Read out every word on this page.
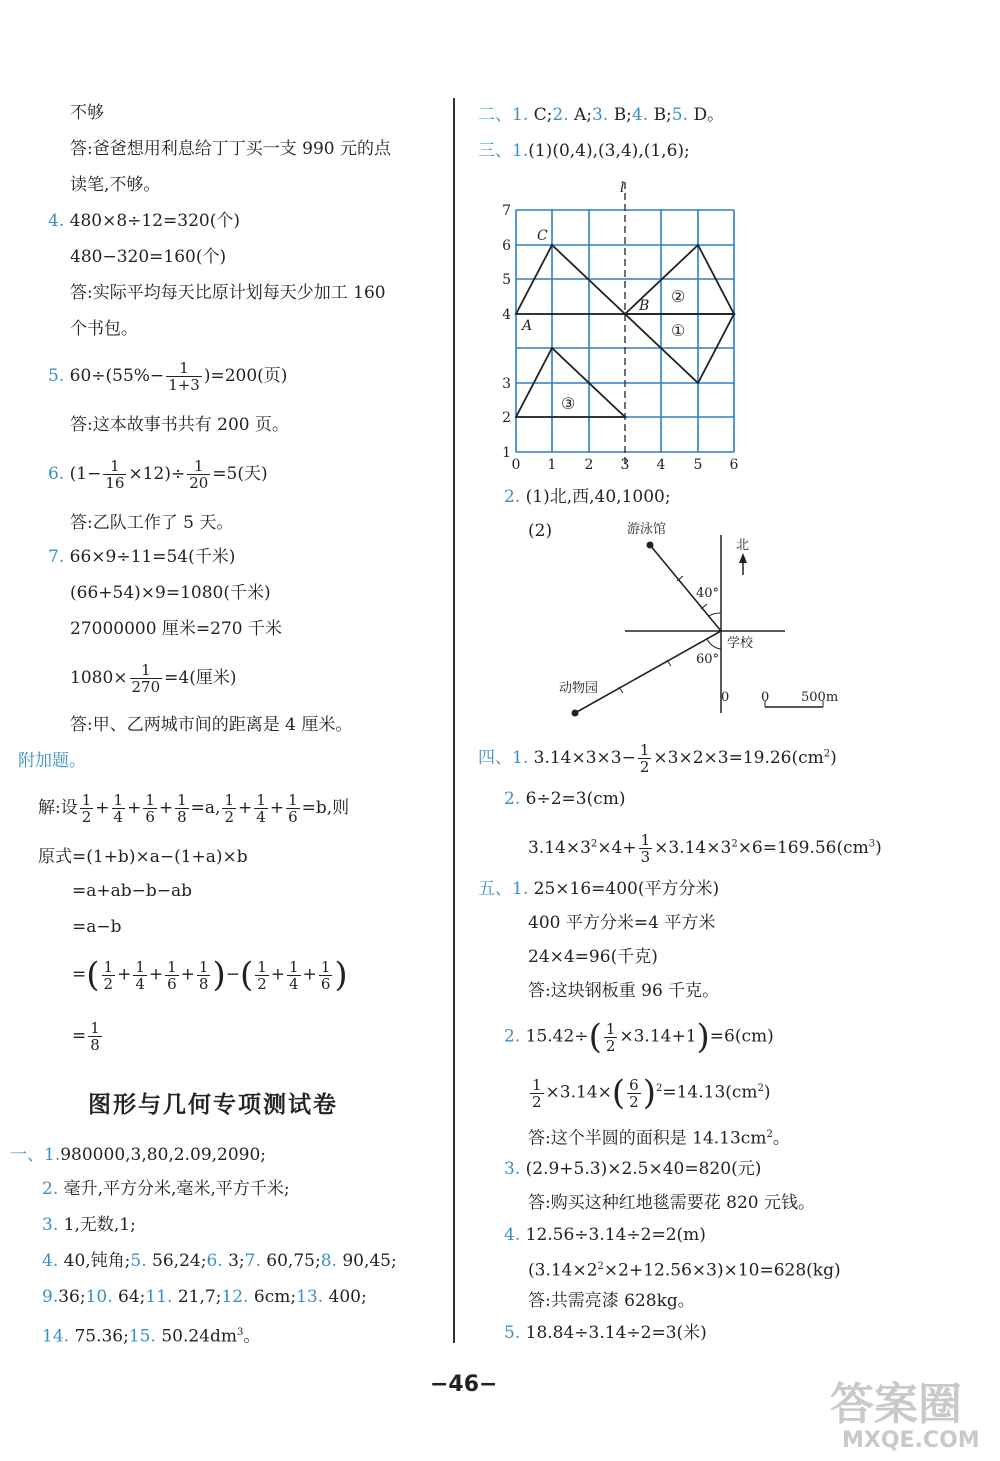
不够
答:爸爸想用利息给丁丁买一支 990 元的点
读笔,不够。
4. 480×8÷12=320(个)
480−320=160(个)
答:实际平均每天比原计划每天少加工 160
个书包。
5. $60\div(55\%- \frac{1}{1+3} )=200$(页)
答:这本故事书共有 200 页。
6. $(1- \frac{1}{16} \times 12)\div \frac{1}{20} =5$(天)
答:乙队工作了 5 天。
7. 66×9÷11=54(千米)
(66+54)×9=1080(千米)
27000000 厘米=270 千米
$1080\times \frac{1}{270} =4$(厘米)
答:甲、乙两城市间的距离是 4 厘米。
附加题。
解:设 $\frac{1}{2} + \frac{1}{4} + \frac{1}{6} + \frac{1}{8} =a$, $\frac{1}{2} + \frac{1}{4} + \frac{1}{6} =b$,则
原式=(1+b)×a−(1+a)×b
=a+ab−b−ab
=a−b
=( $\frac{1}{2} + \frac{1}{4} + \frac{1}{6} + \frac{1}{8}$ )−( $\frac{1}{2} + \frac{1}{4} + \frac{1}{6}$ )
= $\frac{1}{8}$
图形与几何专项测试卷
一、1.980000,3,80,2.09,2090;
2. 毫升,平方分米,毫米,平方千米;
3. 1,无数,1;
4. 40,钝角;5. 56,24;6. 3;7. 60,75;8. 90,45;
9.36;10. 64;11. 21,7;12. 6cm;13. 400;
14. 75.36;15. $50.24dm^3$。
二、1. C;2. A;3. B;4. B;5. D。
三、1.(1)(0,4),(3,4),(1,6);
1
2
3
4
5
6
7
0 1 2 3 4 5 6
l
A
B
C
①
②
③
2. (1)北,西,40,1000;
(2)	游泳馆
北
40°
60°
学校
动物园
0 0 500m
四、1. $3.14\times 3\times 3- \frac{1}{2} \times 3\times 2\times 3=19.26(cm^2)$
2. 6÷2=3(cm)
$3.14\times 3^2\times 4+ \frac{1}{3} \times 3.14\times 3^2\times 6=169.56(cm^3)$
五、1. 25×16=400(平方分米)
400 平方分米=4 平方米
24×4=96(千克)
答:这块钢板重 96 千克。
2. $15.42\div( \frac{1}{2} \times 3.14+1)=6(cm)$
$\frac{1}{2} \times 3.14\times( \frac{6}{2} )^2=14.13(cm^2)$
答:这个半圆的面积是 $14.13cm^2$。
3. (2.9+5.3)×2.5×40=820(元)
答:购买这种红地毯需要花 820 元钱。
4. 12.56÷3.14÷2=2(m)
$(3.14\times 2^2\times 2+12.56\times 3)\times 10=628(kg)$
答:共需亮漆 628kg。
5. 18.84÷3.14÷2=3(米)
−46−	答案圈
MXQE.COM
